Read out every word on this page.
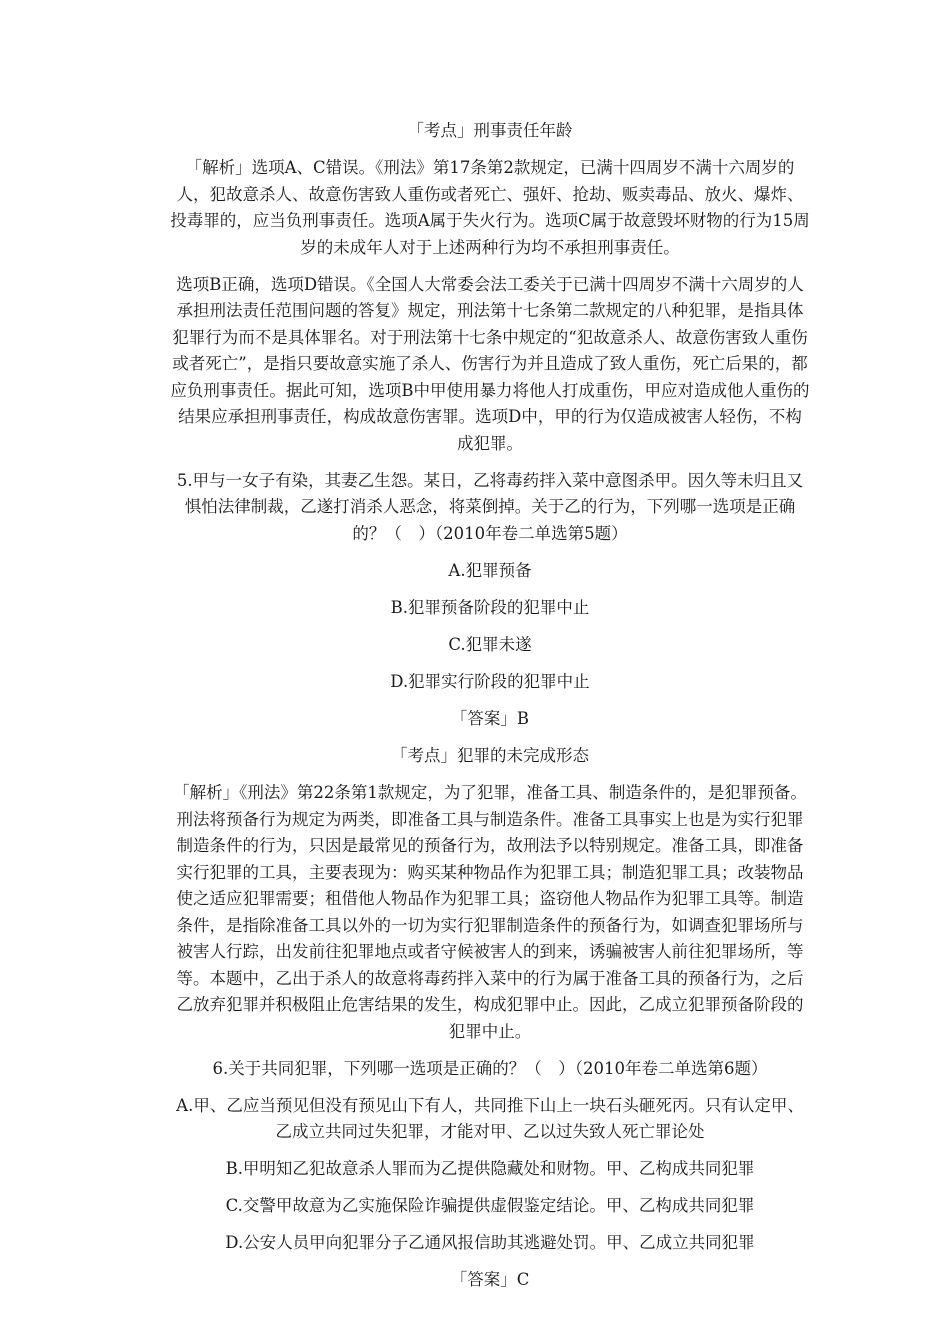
「考点」刑事责任年龄

「解析」选项A、C错误。《刑法》第17条第2款规定，已满十四周岁不满十六周岁的人，犯故意杀人、故意伤害致人重伤或者死亡、强奸、抢劫、贩卖毒品、放火、爆炸、投毒罪的，应当负刑事责任。选项A属于失火行为。选项C属于故意毁坏财物的行为15周岁的未成年人对于上述两种行为均不承担刑事责任。

选项B正确，选项D错误。《全国人大常委会法工委关于已满十四周岁不满十六周岁的人承担刑法责任范围问题的答复》规定，刑法第十七条第二款规定的八种犯罪，是指具体犯罪行为而不是具体罪名。对于刑法第十七条中规定的“犯故意杀人、故意伤害致人重伤或者死亡”，是指只要故意实施了杀人、伤害行为并且造成了致人重伤，死亡后果的，都应负刑事责任。据此可知，选项B中甲使用暴力将他人打成重伤，甲应对造成他人重伤的结果应承担刑事责任，构成故意伤害罪。选项D中，甲的行为仅造成被害人轻伤，不构成犯罪。

5.甲与一女子有染，其妻乙生怨。某日，乙将毒药拌入菜中意图杀甲。因久等未归且又惧怕法律制裁，乙遂打消杀人恶念，将菜倒掉。关于乙的行为，下列哪一选项是正确的？（　）（2010年卷二单选第5题）

A.犯罪预备

B.犯罪预备阶段的犯罪中止

C.犯罪未遂

D.犯罪实行阶段的犯罪中止

「答案」B

「考点」犯罪的未完成形态

「解析」《刑法》第22条第1款规定，为了犯罪，准备工具、制造条件的，是犯罪预备。刑法将预备行为规定为两类，即准备工具与制造条件。准备工具事实上也是为实行犯罪制造条件的行为，只因是最常见的预备行为，故刑法予以特别规定。准备工具，即准备实行犯罪的工具，主要表现为：购买某种物品作为犯罪工具；制造犯罪工具；改装物品使之适应犯罪需要；租借他人物品作为犯罪工具；盗窃他人物品作为犯罪工具等。制造条件，是指除准备工具以外的一切为实行犯罪制造条件的预备行为，如调查犯罪场所与被害人行踪，出发前往犯罪地点或者守候被害人的到来，诱骗被害人前往犯罪场所，等等。本题中，乙出于杀人的故意将毒药拌入菜中的行为属于准备工具的预备行为，之后乙放弃犯罪并积极阻止危害结果的发生，构成犯罪中止。因此，乙成立犯罪预备阶段的犯罪中止。

6.关于共同犯罪，下列哪一选项是正确的？（　）（2010年卷二单选第6题）

A.甲、乙应当预见但没有预见山下有人，共同推下山上一块石头砸死丙。只有认定甲、乙成立共同过失犯罪，才能对甲、乙以过失致人死亡罪论处

B.甲明知乙犯故意杀人罪而为乙提供隐藏处和财物。甲、乙构成共同犯罪

C.交警甲故意为乙实施保险诈骗提供虚假鉴定结论。甲、乙构成共同犯罪

D.公安人员甲向犯罪分子乙通风报信助其逃避处罚。甲、乙成立共同犯罪

「答案」C
